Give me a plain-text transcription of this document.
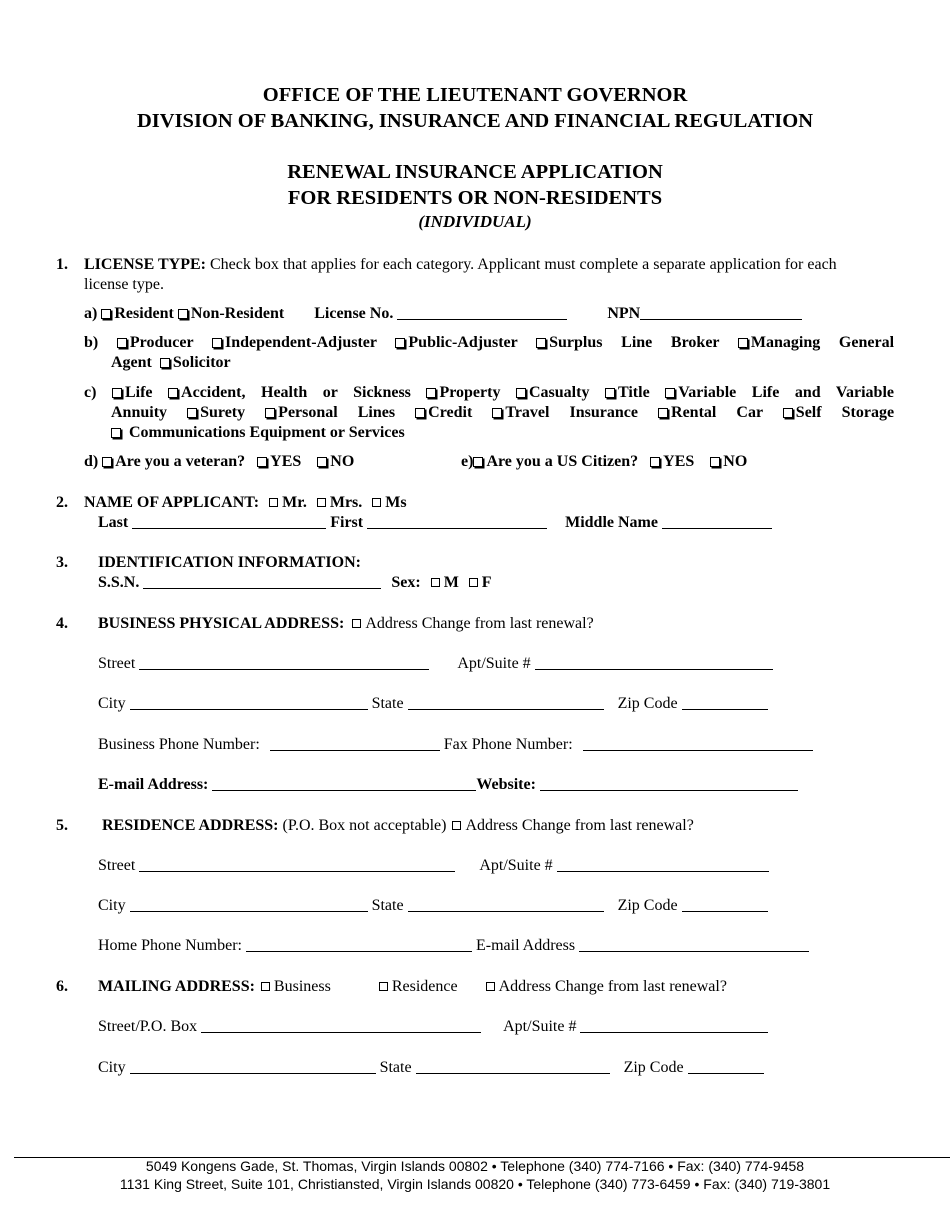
OFFICE OF THE LIEUTENANT GOVERNOR
DIVISION OF BANKING, INSURANCE AND FINANCIAL REGULATION
RENEWAL INSURANCE APPLICATION
FOR RESIDENTS OR NON-RESIDENTS
(INDIVIDUAL)
1. LICENSE TYPE: Check box that applies for each category. Applicant must complete a separate application for each
license type.
a) Resident Non-Resident License No.	NPN
b) Producer Independent-Adjuster Public-Adjuster Surplus Line Broker Managing General
Agent Solicitor
c) Life Accident, Health or Sickness Property Casualty Title Variable Life and Variable
Annuity Surety Personal Lines Credit Travel Insurance Rental Car Self Storage
Communications Equipment or Services
d) Are you a veteran? YES NO	e) Are you a US Citizen? YES NO
2. NAME OF APPLICANT: Mr. Mrs. Ms
Last	First	Middle Name
3. IDENTIFICATION INFORMATION:
S.S.N.	Sex: M F
4. BUSINESS PHYSICAL ADDRESS: Address Change from last renewal?
Street	Apt/Suite #
City	State	Zip Code
Business Phone Number:	Fax Phone Number:
E-mail Address:	Website:
5. RESIDENCE ADDRESS: (P.O. Box not acceptable) Address Change from last renewal?
Street	Apt/Suite #
City	State	Zip Code
Home Phone Number:	E-mail Address
6. MAILING ADDRESS: Business	Residence	Address Change from last renewal?
Street/P.O. Box	Apt/Suite #
City	State	Zip Code
5049 Kongens Gade, St. Thomas, Virgin Islands 00802 • Telephone (340) 774-7166 • Fax: (340) 774-9458
1131 King Street, Suite 101, Christiansted, Virgin Islands 00820 • Telephone (340) 773-6459 • Fax: (340) 719-3801
